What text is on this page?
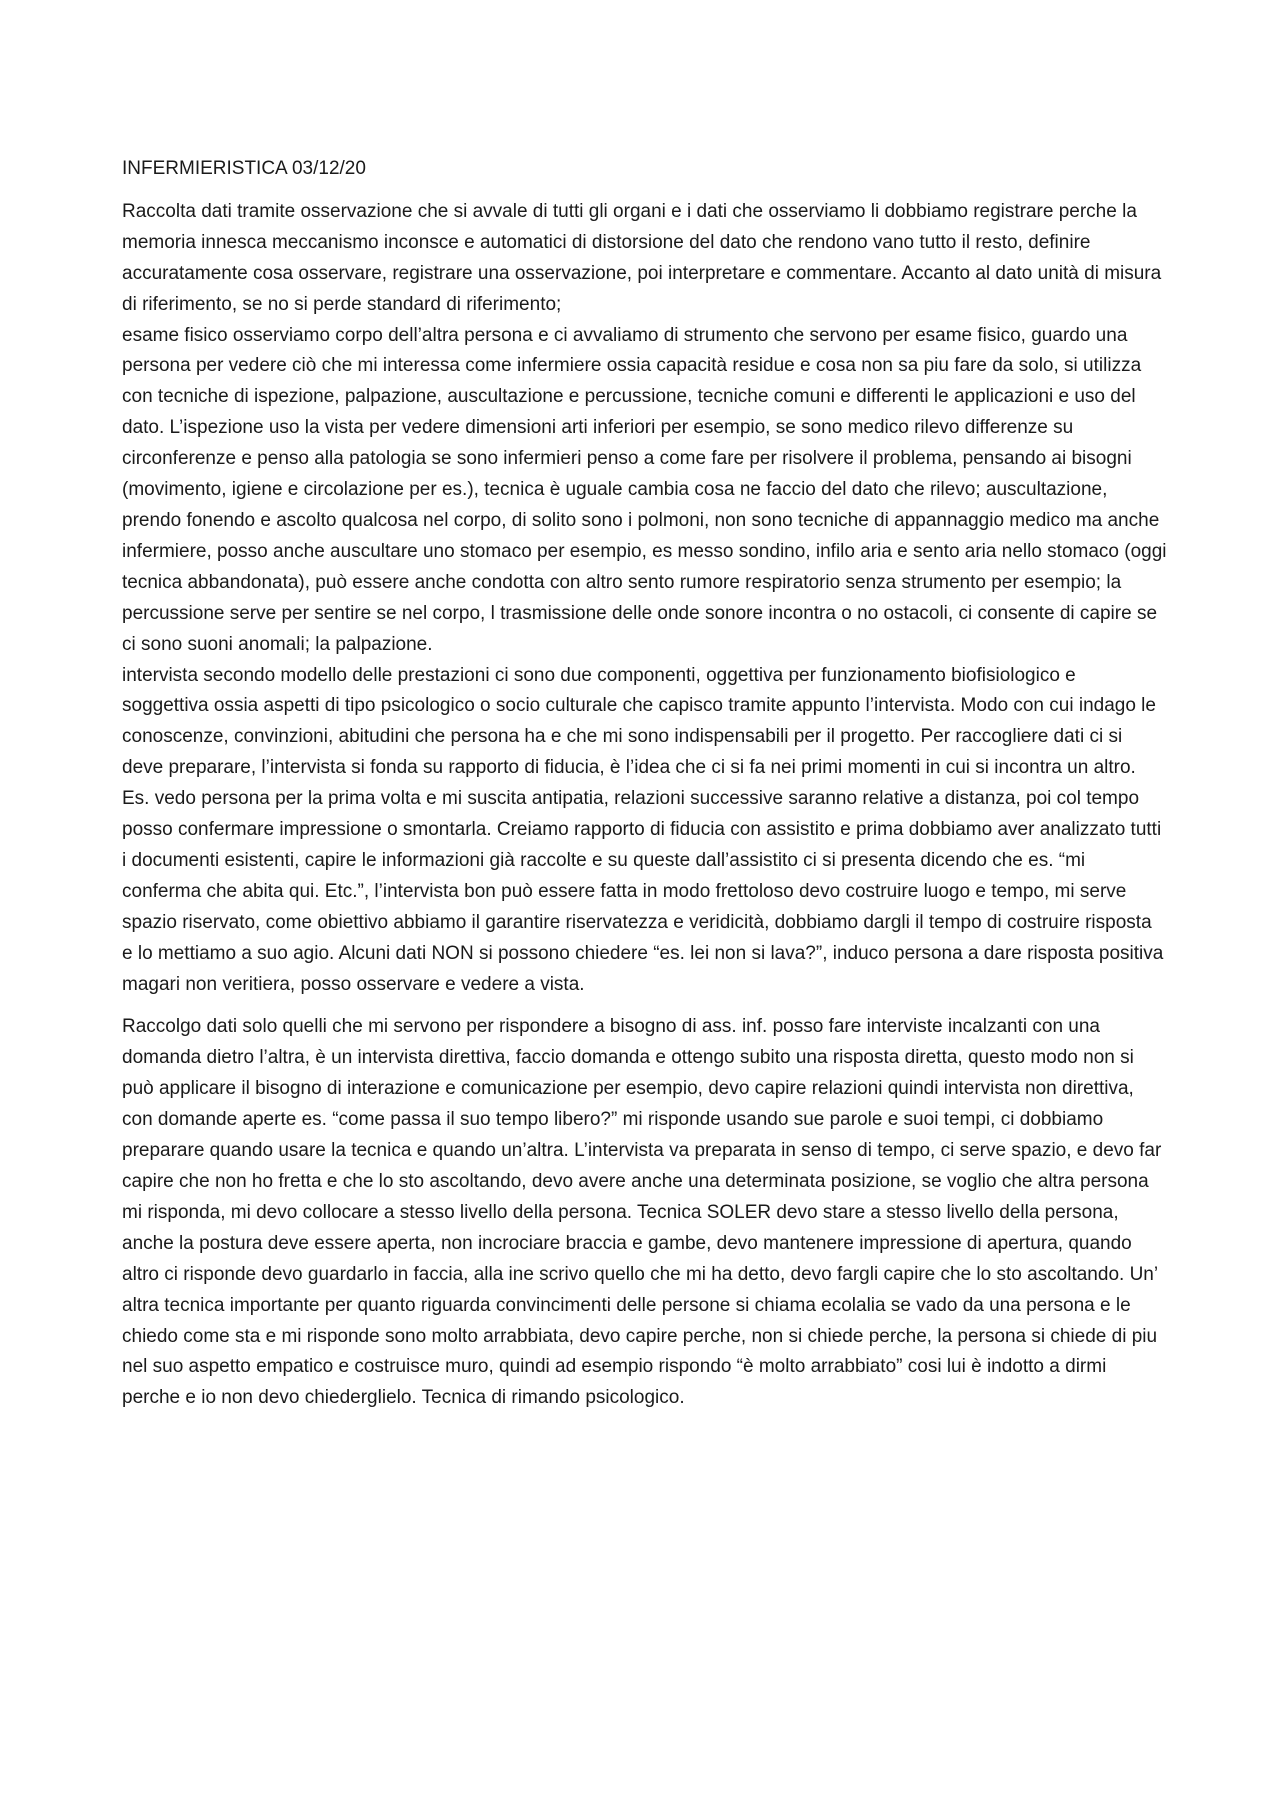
INFERMIERISTICA 03/12/20

Raccolta dati tramite osservazione che si avvale di tutti gli organi e i dati che osserviamo li dobbiamo registrare perche la memoria innesca meccanismo inconsce e automatici di distorsione del dato che rendono vano tutto il resto, definire accuratamente cosa osservare, registrare una osservazione, poi interpretare e commentare. Accanto al dato unità di misura di riferimento, se no si perde standard di riferimento;

esame fisico osserviamo corpo dell’altra persona e ci avvaliamo di strumento che servono per esame fisico, guardo una persona per vedere ciò che mi interessa come infermiere ossia capacità residue e cosa non sa piu fare da solo, si utilizza con tecniche di ispezione, palpazione, auscultazione e percussione, tecniche comuni e differenti le applicazioni e uso del dato. L’ispezione uso la vista per vedere dimensioni arti inferiori per esempio, se sono medico rilevo differenze su circonferenze e penso alla patologia se sono infermieri penso a come fare per risolvere il problema, pensando ai bisogni (movimento, igiene e circolazione per es.), tecnica è uguale cambia cosa ne faccio del dato che rilevo; auscultazione, prendo fonendo e ascolto qualcosa nel corpo, di solito sono i polmoni, non sono tecniche di appannaggio medico ma anche infermiere, posso anche auscultare uno stomaco per esempio, es messo sondino, infilo aria e sento aria nello stomaco (oggi tecnica abbandonata), può essere anche condotta con altro sento rumore respiratorio senza strumento per esempio; la percussione serve per sentire se nel corpo, l trasmissione delle onde sonore incontra o no ostacoli, ci consente di capire se ci sono suoni anomali; la palpazione.

intervista secondo modello delle prestazioni ci sono due componenti, oggettiva per funzionamento biofisiologico e soggettiva ossia aspetti di tipo psicologico o socio culturale che capisco tramite appunto l’intervista. Modo con cui indago le conoscenze, convinzioni, abitudini che persona ha e che mi sono indispensabili per il progetto. Per raccogliere dati ci si deve preparare, l’intervista si fonda su rapporto di fiducia, è l’idea che ci si fa nei primi momenti in cui si incontra un altro. Es. vedo persona per la prima volta e mi suscita antipatia, relazioni successive saranno relative a distanza, poi col tempo posso confermare impressione o smontarla. Creiamo rapporto di fiducia con assistito e prima dobbiamo aver analizzato tutti i documenti esistenti, capire le informazioni già raccolte e su queste dall’assistito ci si presenta dicendo che es. “mi conferma che abita qui. Etc.”, l’intervista bon può essere fatta in modo frettoloso devo costruire luogo e tempo, mi serve spazio riservato, come obiettivo abbiamo il garantire riservatezza e veridicità, dobbiamo dargli il tempo di costruire risposta e lo mettiamo a suo agio. Alcuni dati NON si possono chiedere “es. lei non si lava?”, induco persona a dare risposta positiva magari non veritiera, posso osservare e vedere a vista.

Raccolgo dati solo quelli che mi servono per rispondere a bisogno di ass. inf. posso fare interviste incalzanti con una domanda dietro l’altra, è un intervista direttiva, faccio domanda e ottengo subito una risposta diretta, questo modo non si può applicare il bisogno di interazione e comunicazione per esempio, devo capire relazioni quindi intervista non direttiva, con domande aperte es. “come passa il suo tempo libero?” mi risponde usando sue parole e suoi tempi, ci dobbiamo preparare quando usare la tecnica e quando un’altra. L’intervista va preparata in senso di tempo, ci serve spazio, e devo far capire che non ho fretta e che lo sto ascoltando, devo avere anche una determinata posizione, se voglio che altra persona mi risponda, mi devo collocare a stesso livello della persona. Tecnica SOLER devo stare a stesso livello della persona, anche la postura deve essere aperta, non incrociare braccia e gambe, devo mantenere impressione di apertura, quando altro ci risponde devo guardarlo in faccia, alla ine scrivo quello che mi ha detto, devo fargli capire che lo sto ascoltando. Un’ altra tecnica importante per quanto riguarda convincimenti delle persone si chiama ecolalia se vado da una persona e le chiedo come sta e mi risponde sono molto arrabbiata, devo capire perche, non si chiede perche, la persona si chiede di piu nel suo aspetto empatico e costruisce muro, quindi ad esempio rispondo “è molto arrabbiato” cosi lui è indotto a dirmi perche e io non devo chiederglielo. Tecnica di rimando psicologico.
